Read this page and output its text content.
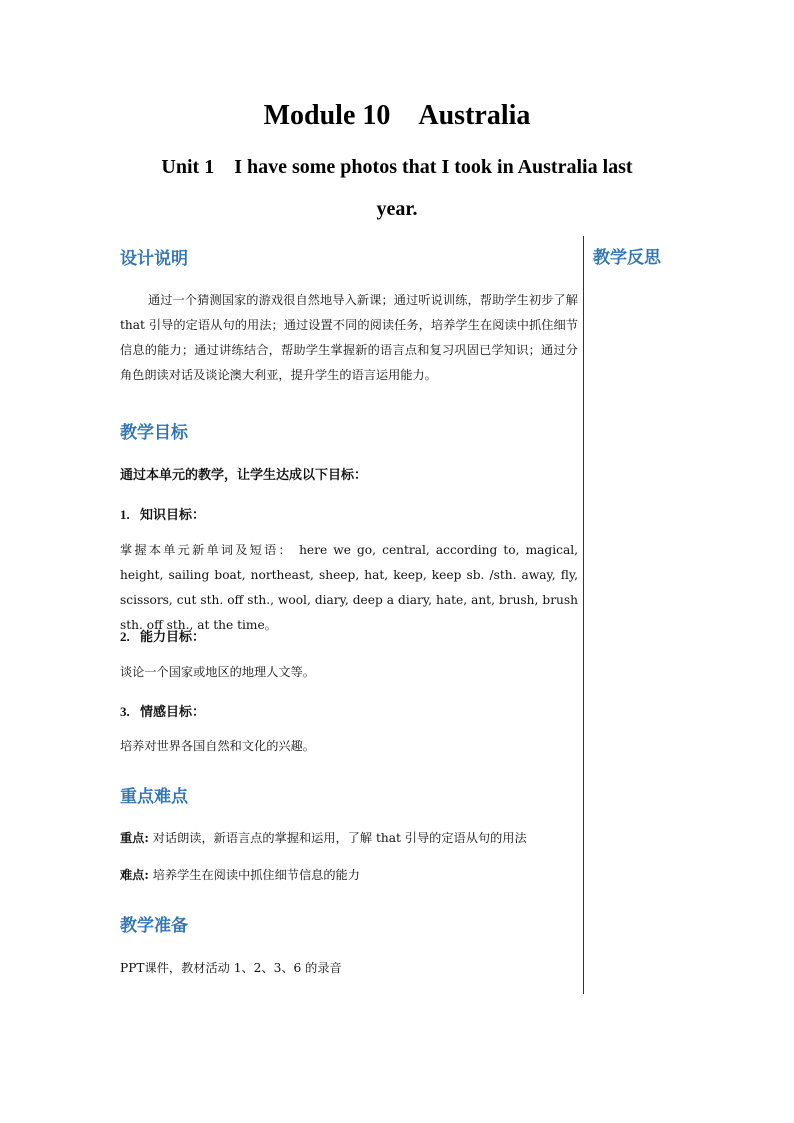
Module 10 Australia
Unit 1 I have some photos that I took in Australia last
year.
教学反思
设计说明
通过一个猜测国家的游戏很自然地导入新课；通过听说训练，帮助学生初步了解that 引导的定语从句的用法；通过设置不同的阅读任务，培养学生在阅读中抓住细节信息的能力；通过讲练结合，帮助学生掌握新的语言点和复习巩固已学知识；通过分角色朗读对话及谈论澳大利亚，提升学生的语言运用能力。
教学目标
通过本单元的教学，让学生达成以下目标：
1. 知识目标：
掌握本单元新单词及短语： here we go, central, according to, magical, height, sailing boat, northeast, sheep, hat, keep, keep sb. /sth. away, fly, scissors, cut sth. off sth., wool, diary, deep a diary, hate, ant, brush, brush sth. off sth., at the time。
2. 能力目标：
谈论一个国家或地区的地理人文等。
3. 情感目标：
培养对世界各国自然和文化的兴趣。
重点难点
重点: 对话朗读，新语言点的掌握和运用，了解 that 引导的定语从句的用法
难点: 培养学生在阅读中抓住细节信息的能力
教学准备
PPT课件，教材活动 1、2、3、6 的录音
